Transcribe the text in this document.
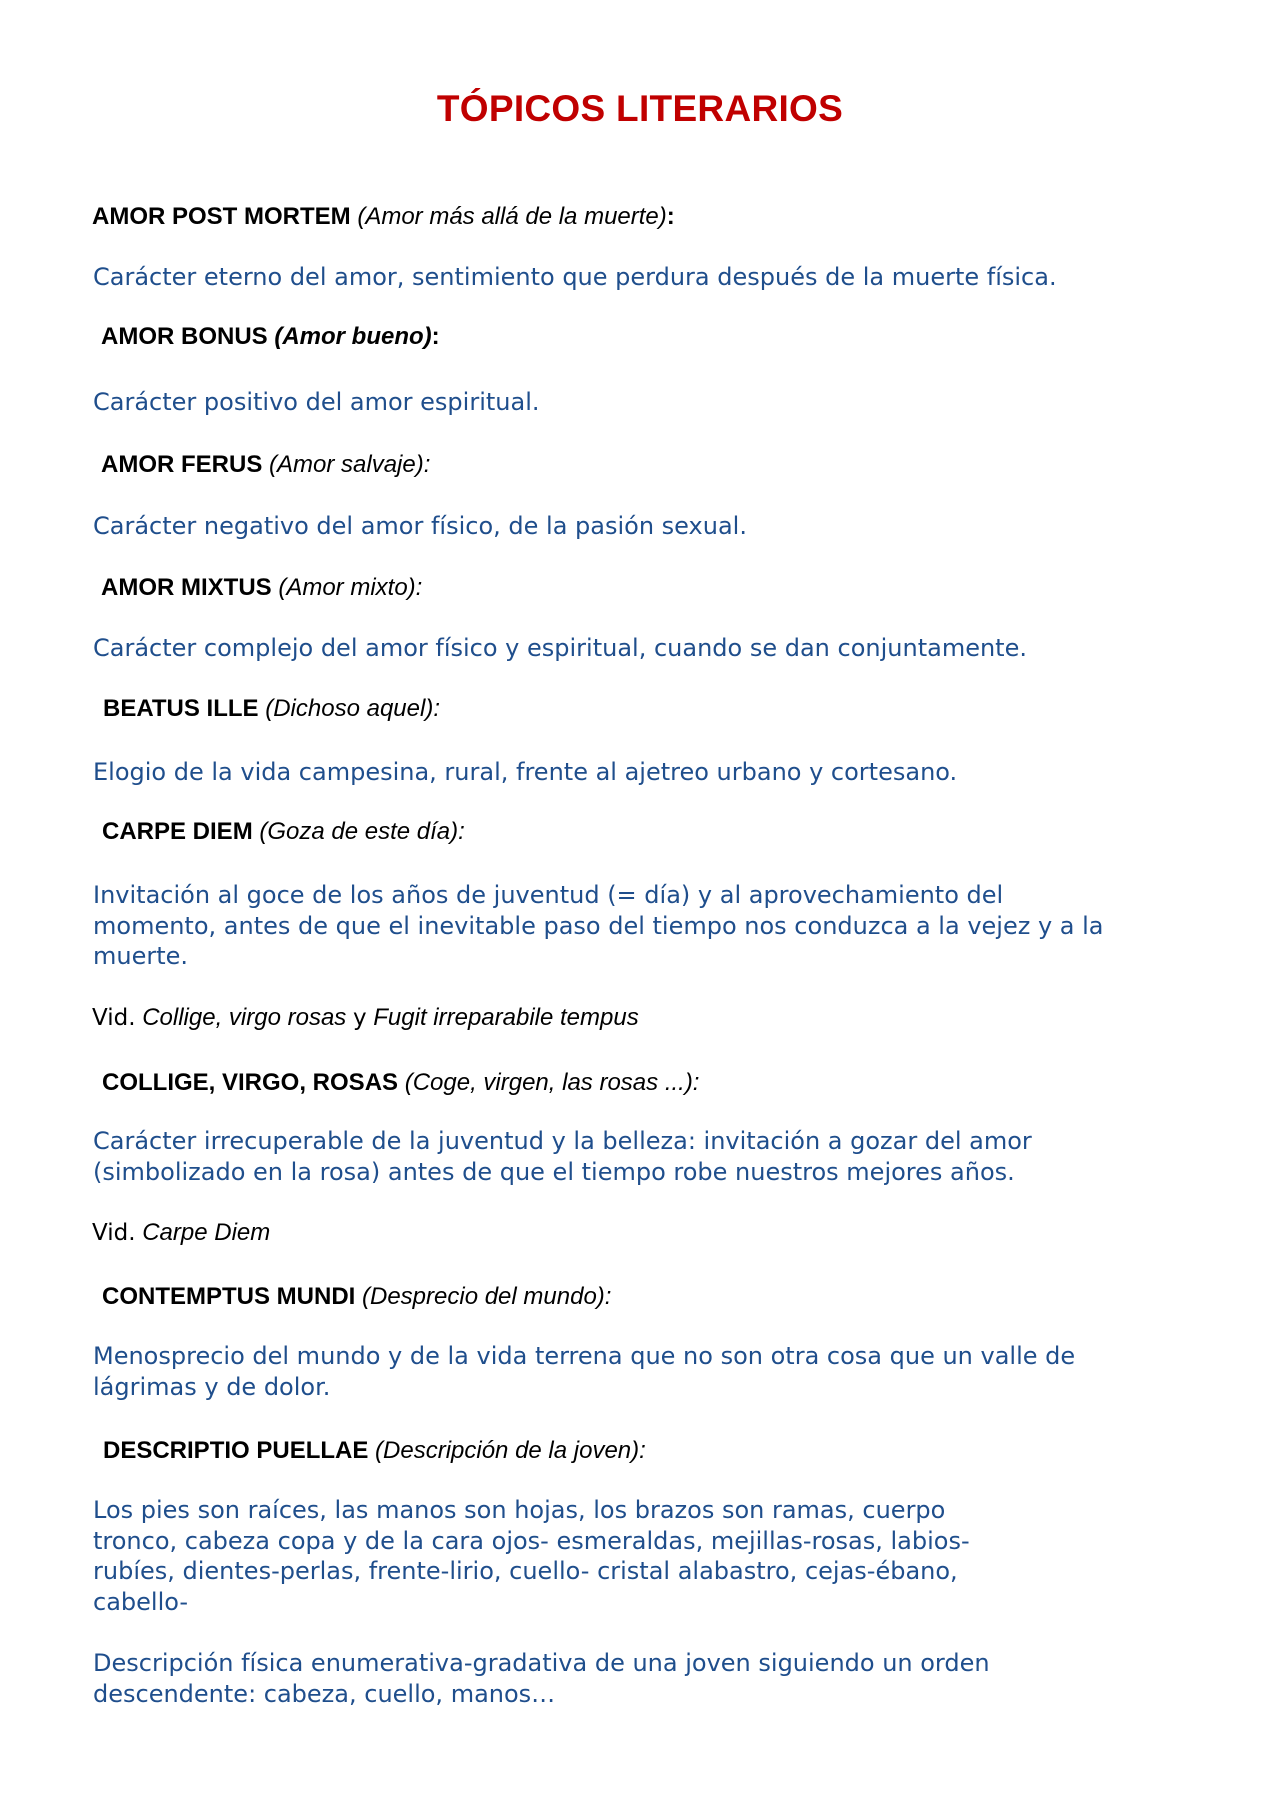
TÓPICOS LITERARIOS
AMOR POST MORTEM (Amor más allá de la muerte):
Carácter eterno del amor, sentimiento que perdura después de la muerte física.
AMOR BONUS (Amor bueno):
Carácter positivo del amor espiritual.
AMOR FERUS (Amor salvaje):
Carácter negativo del amor físico, de la pasión sexual.
AMOR MIXTUS (Amor mixto):
Carácter complejo del amor físico y espiritual, cuando se dan conjuntamente.
BEATUS ILLE (Dichoso aquel):
Elogio de la vida campesina, rural, frente al ajetreo urbano y cortesano.
CARPE DIEM (Goza de este día):
Invitación al goce de los años de juventud (= día) y al aprovechamiento del
momento, antes de que el inevitable paso del tiempo nos conduzca a la vejez y a la
muerte.
Vid. Collige, virgo rosas y Fugit irreparabile tempus
COLLIGE, VIRGO, ROSAS (Coge, virgen, las rosas ...):
Carácter irrecuperable de la juventud y la belleza: invitación a gozar del amor
(simbolizado en la rosa) antes de que el tiempo robe nuestros mejores años.
Vid. Carpe Diem
CONTEMPTUS MUNDI (Desprecio del mundo):
Menosprecio del mundo y de la vida terrena que no son otra cosa que un valle de
lágrimas y de dolor.
DESCRIPTIO PUELLAE (Descripción de la joven):
Los pies son raíces, las manos son hojas, los brazos son ramas, cuerpo
tronco, cabeza copa y de la cara ojos- esmeraldas, mejillas-rosas, labios-
rubíes, dientes-perlas, frente-lirio, cuello- cristal alabastro, cejas-ébano,
cabello-
Descripción física enumerativa-gradativa de una joven siguiendo un orden
descendente: cabeza, cuello, manos…
